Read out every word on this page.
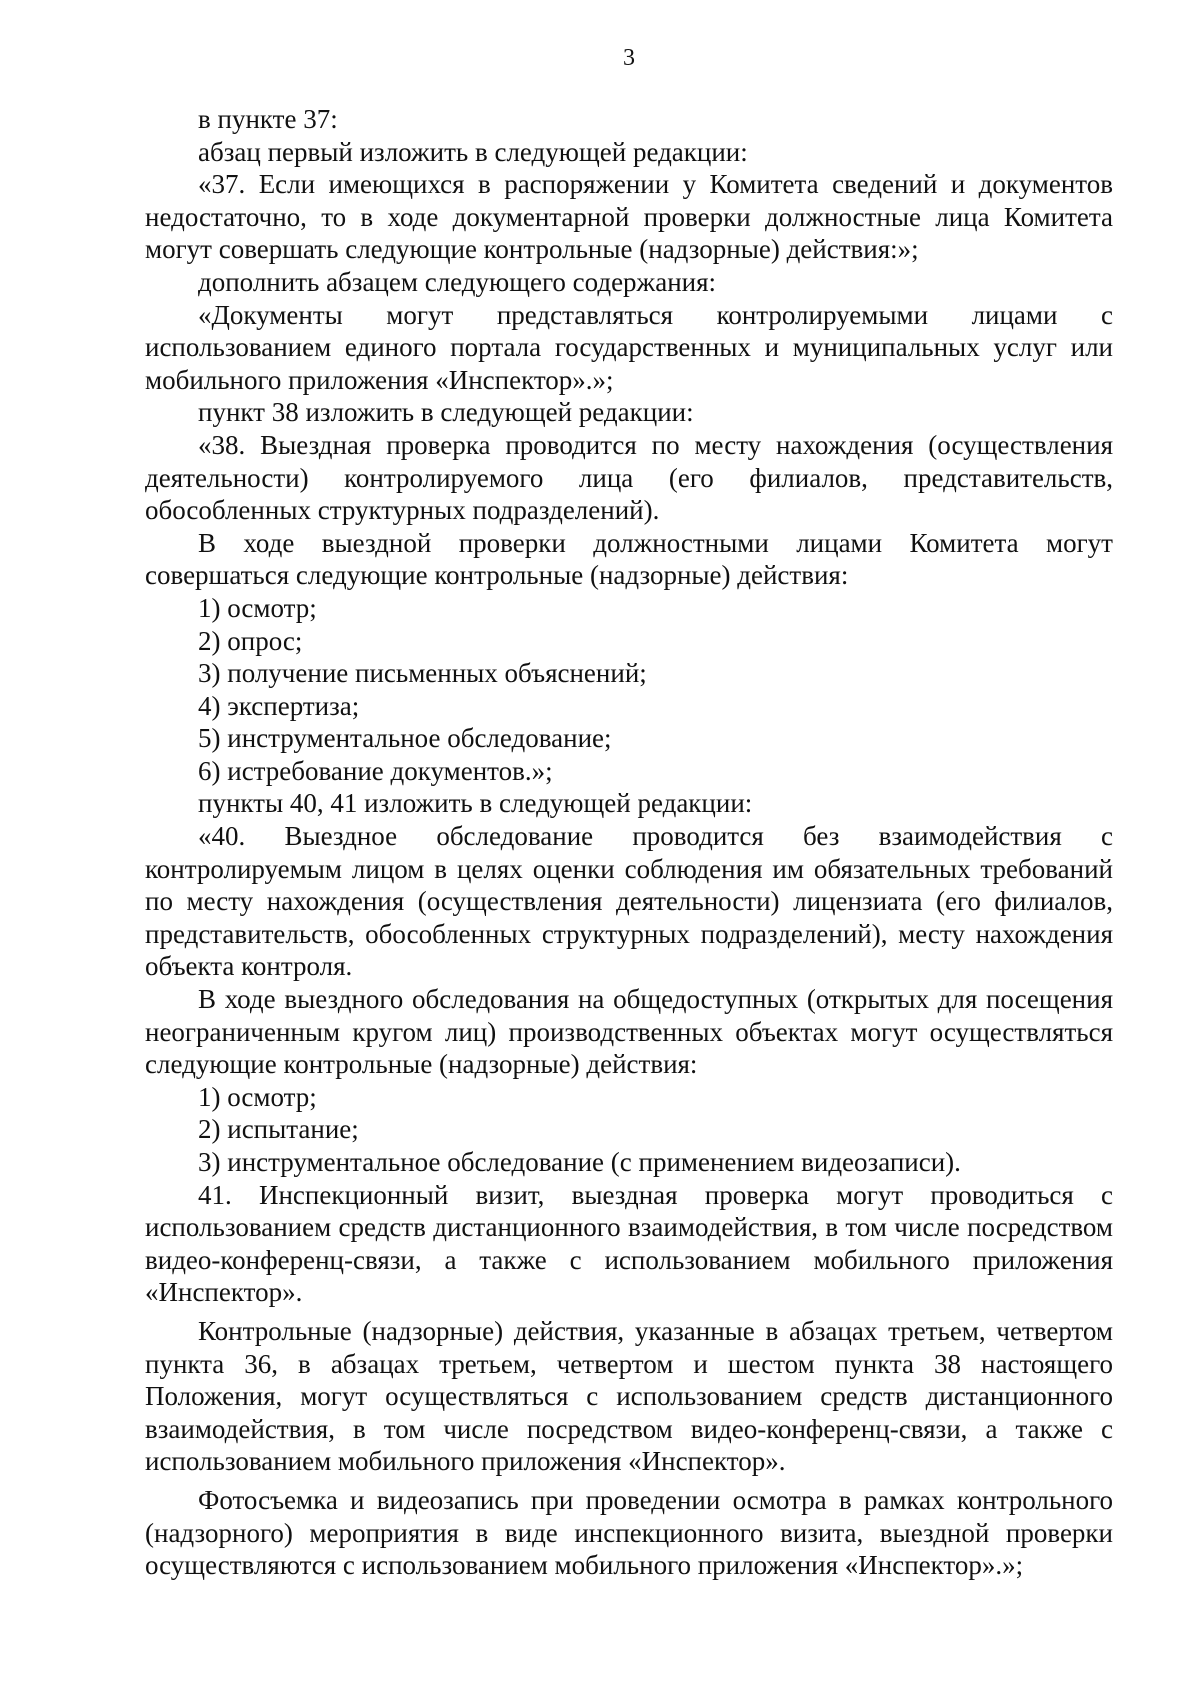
3

в пункте 37:

абзац первый изложить в следующей редакции:

«37. Если имеющихся в распоряжении у Комитета сведений и документов недостаточно, то в ходе документарной проверки должностные лица Комитета могут совершать следующие контрольные (надзорные) действия:»;

дополнить абзацем следующего содержания:

«Документы могут представляться контролируемыми лицами с использованием единого портала государственных и муниципальных услуг или мобильного приложения «Инспектор».»;

пункт 38 изложить в следующей редакции:

«38. Выездная проверка проводится по месту нахождения (осуществления деятельности) контролируемого лица (его филиалов, представительств, обособленных структурных подразделений).

В ходе выездной проверки должностными лицами Комитета могут совершаться следующие контрольные (надзорные) действия:

1) осмотр;

2) опрос;

3) получение письменных объяснений;

4) экспертиза;

5) инструментальное обследование;

6) истребование документов.»;

пункты 40, 41 изложить в следующей редакции:

«40. Выездное обследование проводится без взаимодействия с контролируемым лицом в целях оценки соблюдения им обязательных требований по месту нахождения (осуществления деятельности) лицензиата (его филиалов, представительств, обособленных структурных подразделений), месту нахождения объекта контроля.

В ходе выездного обследования на общедоступных (открытых для посещения неограниченным кругом лиц) производственных объектах могут осуществляться следующие контрольные (надзорные) действия:

1) осмотр;

2) испытание;

3) инструментальное обследование (с применением видеозаписи).

41. Инспекционный визит, выездная проверка могут проводиться с использованием средств дистанционного взаимодействия, в том числе посредством видео-конференц-связи, а также с использованием мобильного приложения «Инспектор».

Контрольные (надзорные) действия, указанные в абзацах третьем, четвертом пункта 36, в абзацах третьем, четвертом и шестом пункта 38 настоящего Положения, могут осуществляться с использованием средств дистанционного взаимодействия, в том числе посредством видео-конференц-связи, а также с использованием мобильного приложения «Инспектор».

Фотосъемка и видеозапись при проведении осмотра в рамках контрольного (надзорного) мероприятия в виде инспекционного визита, выездной проверки осуществляются с использованием мобильного приложения «Инспектор».»;
